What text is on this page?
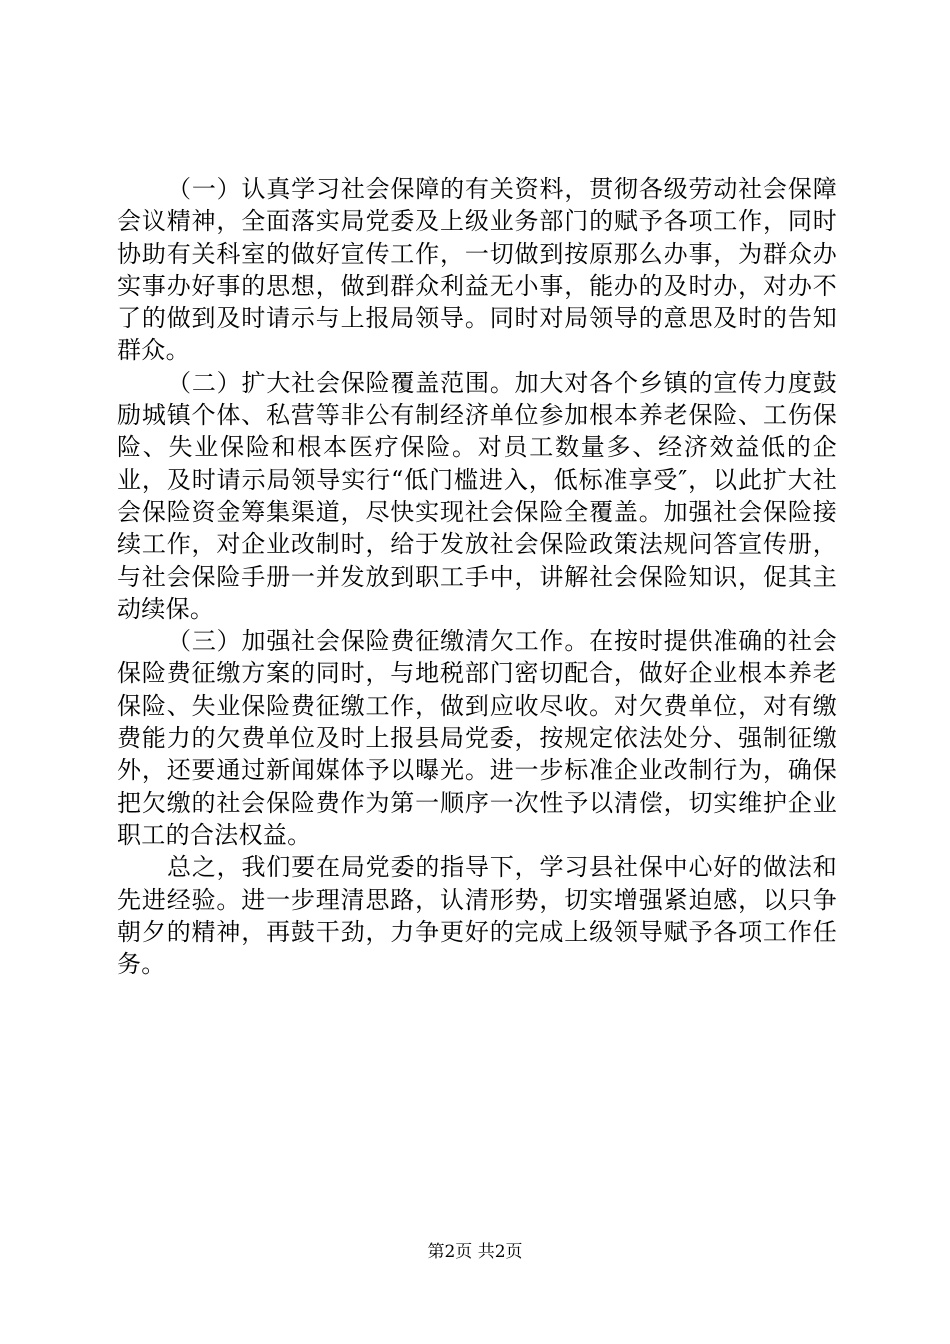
（一）认真学习社会保障的有关资料，贯彻各级劳动社会保障会议精神，全面落实局党委及上级业务部门的赋予各项工作，同时协助有关科室的做好宣传工作，一切做到按原那么办事，为群众办实事办好事的思想，做到群众利益无小事，能办的及时办，对办不了的做到及时请示与上报局领导。同时对局领导的意思及时的告知群众。

（二）扩大社会保险覆盖范围。加大对各个乡镇的宣传力度鼓励城镇个体、私营等非公有制经济单位参加根本养老保险、工伤保险、失业保险和根本医疗保险。对员工数量多、经济效益低的企业，及时请示局领导实行“低门槛进入，低标准享受″，以此扩大社会保险资金筹集渠道，尽快实现社会保险全覆盖。加强社会保险接续工作，对企业改制时，给于发放社会保险政策法规问答宣传册，与社会保险手册一并发放到职工手中，讲解社会保险知识，促其主动续保。

（三）加强社会保险费征缴清欠工作。在按时提供准确的社会保险费征缴方案的同时，与地税部门密切配合，做好企业根本养老保险、失业保险费征缴工作，做到应收尽收。对欠费单位，对有缴费能力的欠费单位及时上报县局党委，按规定依法处分、强制征缴外，还要通过新闻媒体予以曝光。进一步标准企业改制行为，确保把欠缴的社会保险费作为第一顺序一次性予以清偿，切实维护企业职工的合法权益。

总之，我们要在局党委的指导下，学习县社保中心好的做法和先进经验。进一步理清思路，认清形势，切实增强紧迫感，以只争朝夕的精神，再鼓干劲，力争更好的完成上级领导赋予各项工作任务。

第2页 共2页
